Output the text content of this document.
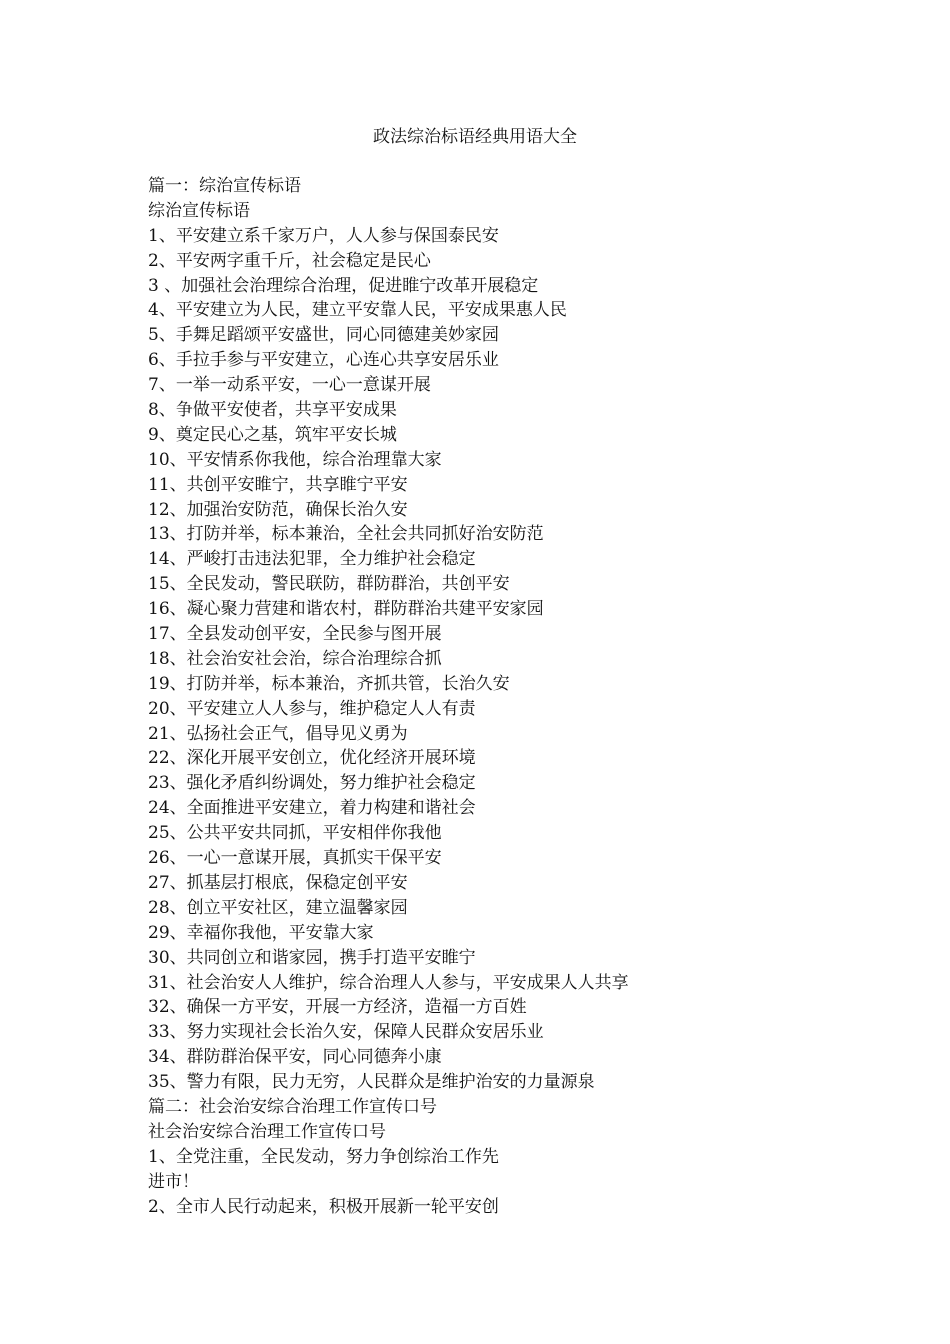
政法综治标语经典用语大全
篇一：综治宣传标语
综治宣传标语
1、平安建立系千家万户，人人参与保国泰民安
2、平安两字重千斤，社会稳定是民心
3 、加强社会治理综合治理，促进睢宁改革开展稳定
4、平安建立为人民，建立平安靠人民，平安成果惠人民
5、手舞足蹈颂平安盛世，同心同德建美妙家园
6、手拉手参与平安建立，心连心共享安居乐业
7、一举一动系平安，一心一意谋开展
8、争做平安使者，共享平安成果
9、奠定民心之基，筑牢平安长城
10、平安情系你我他，综合治理靠大家
11、共创平安睢宁，共享睢宁平安
12、加强治安防范，确保长治久安
13、打防并举，标本兼治，全社会共同抓好治安防范
14、严峻打击违法犯罪，全力维护社会稳定
15、全民发动，警民联防，群防群治，共创平安
16、凝心聚力营建和谐农村，群防群治共建平安家园
17、全县发动创平安，全民参与图开展
18、社会治安社会治，综合治理综合抓
19、打防并举，标本兼治，齐抓共管，长治久安
20、平安建立人人参与，维护稳定人人有责
21、弘扬社会正气，倡导见义勇为
22、深化开展平安创立，优化经济开展环境
23、强化矛盾纠纷调处，努力维护社会稳定
24、全面推进平安建立，着力构建和谐社会
25、公共平安共同抓，平安相伴你我他
26、一心一意谋开展，真抓实干保平安
27、抓基层打根底，保稳定创平安
28、创立平安社区，建立温馨家园
29、幸福你我他，平安靠大家
30、共同创立和谐家园，携手打造平安睢宁
31、社会治安人人维护，综合治理人人参与，平安成果人人共享
32、确保一方平安，开展一方经济，造福一方百姓
33、努力实现社会长治久安，保障人民群众安居乐业
34、群防群治保平安，同心同德奔小康
35、警力有限，民力无穷，人民群众是维护治安的力量源泉
篇二：社会治安综合治理工作宣传口号
社会治安综合治理工作宣传口号
1、全党注重，全民发动，努力争创综治工作先
进市！
2、全市人民行动起来，积极开展新一轮平安创
